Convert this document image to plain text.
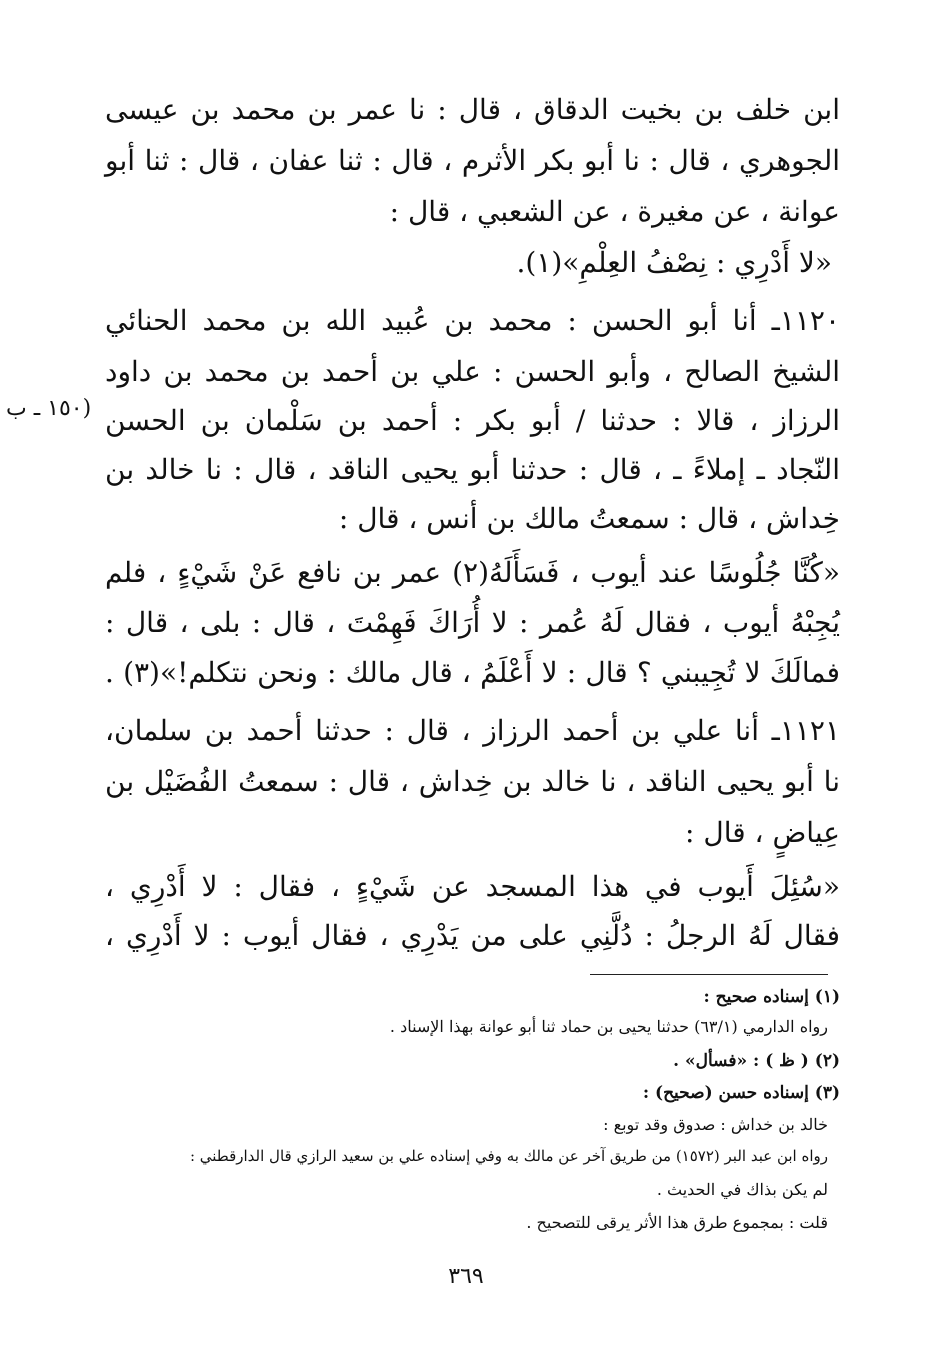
ابن خلف بن بخيت الدقاق ، قال : نا عمر بن محمد بن عيسى
الجوهري ، قال : نا أبو بكر الأثرم ، قال : ثنا عفان ، قال : ثنا أبو
عوانة ، عن مغيرة ، عن الشعبي ، قال :
«لا أَدْرِي : نِصْفُ العِلْمِ»(١).
١١٢٠ـ أنا أبو الحسن : محمد بن عُبيد الله بن محمد الحنائي
الشيخ الصالح ، وأبو الحسن : علي بن أحمد بن محمد بن داود
الرزاز ، قالا : حدثنا / أبو بكر : أحمد بن سَلْمان بن الحسن
النّجاد ـ إملاءً ـ ، قال : حدثنا أبو يحيى الناقد ، قال : نا خالد بن
خِداش ، قال : سمعتُ مالك بن أنس ، قال :
«كُنَّا جُلُوسًا عند أيوب ، فَسَأَلَهُ(٢) عمر بن نافع عَنْ شَيْءٍ ، فلم
يُجِبْهُ أيوب ، فقال لَهُ عُمر : لا أُرَاكَ فَهِمْتَ ، قال : بلى ، قال :
فمالَكَ لا تُجِيبني ؟ قال : لا أَعْلَمُ ، قال مالك : ونحن نتكلم!»(٣) .
١١٢١ـ أنا علي بن أحمد الرزاز ، قال : حدثنا أحمد بن سلمان،
نا أبو يحيى الناقد ، نا خالد بن خِداش ، قال : سمعتُ الفُضَيْل بن
عِياضٍ ، قال :
«سُئِلَ أَيوب في هذا المسجد عن شَيْءٍ ، فقال : لا أَدْرِي ،
فقال لَهُ الرجلُ : دُلَّنِي على من يَدْرِي ، فقال أيوب : لا أَدْرِي ،
(١٥٠ ـ ب
(١) إسناده صحيح :
رواه الدارمي (٦٣/١) حدثنا يحيى بن حماد ثنا أبو عوانة بهذا الإسناد .
(٢) ( ظ ) : «فسأل» .
(٣) إسناده حسن (صحيح) :
خالد بن خداش : صدوق وقد توبع :
رواه ابن عبد البر (١٥٧٢) من طريق آخر عن مالك به وفي إسناده علي بن سعيد الرازي قال الدارقطني :
لم يكن بذاك في الحديث .
قلت : بمجموع طرق هذا الأثر يرقى للتصحيح .
٣٦٩
